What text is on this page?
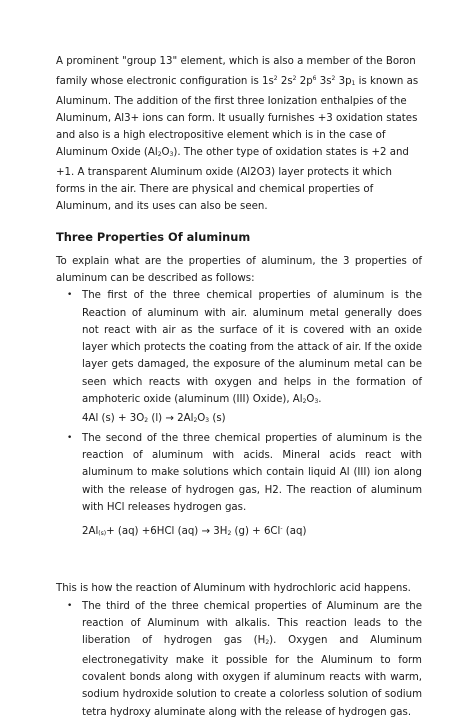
A prominent "group 13" element, which is also a member of the Boron family whose electronic configuration is $1s^2$ $2s^2$ $2p^6$ $3s^2$ $3p_1$ is known as Aluminum. The addition of the first three Ionization enthalpies of the Aluminum, Al3+ ions can form. It usually furnishes +3 oxidation states and also is a high electropositive element which is in the case of Aluminum Oxide $(Al_2O_3)$. The other type of oxidation states is +2 and +1. A transparent Aluminum oxide (Al2O3) layer protects it which forms in the air. There are physical and chemical properties of Aluminum, and its uses can also be seen.

Three Properties Of aluminum

To explain what are the properties of aluminum, the 3 properties of aluminum can be described as follows:

• The first of the three chemical properties of aluminum is the Reaction of aluminum with air. aluminum metal generally does not react with air as the surface of it is covered with an oxide layer which protects the coating from the attack of air. If the oxide layer gets damaged, the exposure of the aluminum metal can be seen which reacts with oxygen and helps in the formation of amphoteric oxide (aluminum (III) Oxide), $Al_2O_3$.
4Al $(s) + 3O_2$ $(l) \to 2Al_2O_3$ (s)
• The second of the three chemical properties of aluminum is the reaction of aluminum with acids. Mineral acids react with aluminum to make solutions which contain liquid Al (III) ion along with the release of hydrogen gas, H2. The reaction of aluminum with HCl releases hydrogen gas.
$2Al_{(s)}+ (aq) +6HCl$ $(aq) \to 3H_2$ (g) + 6Cl- (aq)

This is how the reaction of Aluminum with hydrochloric acid happens.

• The third of the three chemical properties of Aluminum are the reaction of Aluminum with alkalis. This reaction leads to the liberation of hydrogen gas $(H_2)$. Oxygen and Aluminum electronegativity make it possible for the Aluminum to form covalent bonds along with oxygen if aluminum reacts with warm, sodium hydroxide solution to create a colorless solution of sodium tetra hydroxy aluminate along with the release of hydrogen gas.
